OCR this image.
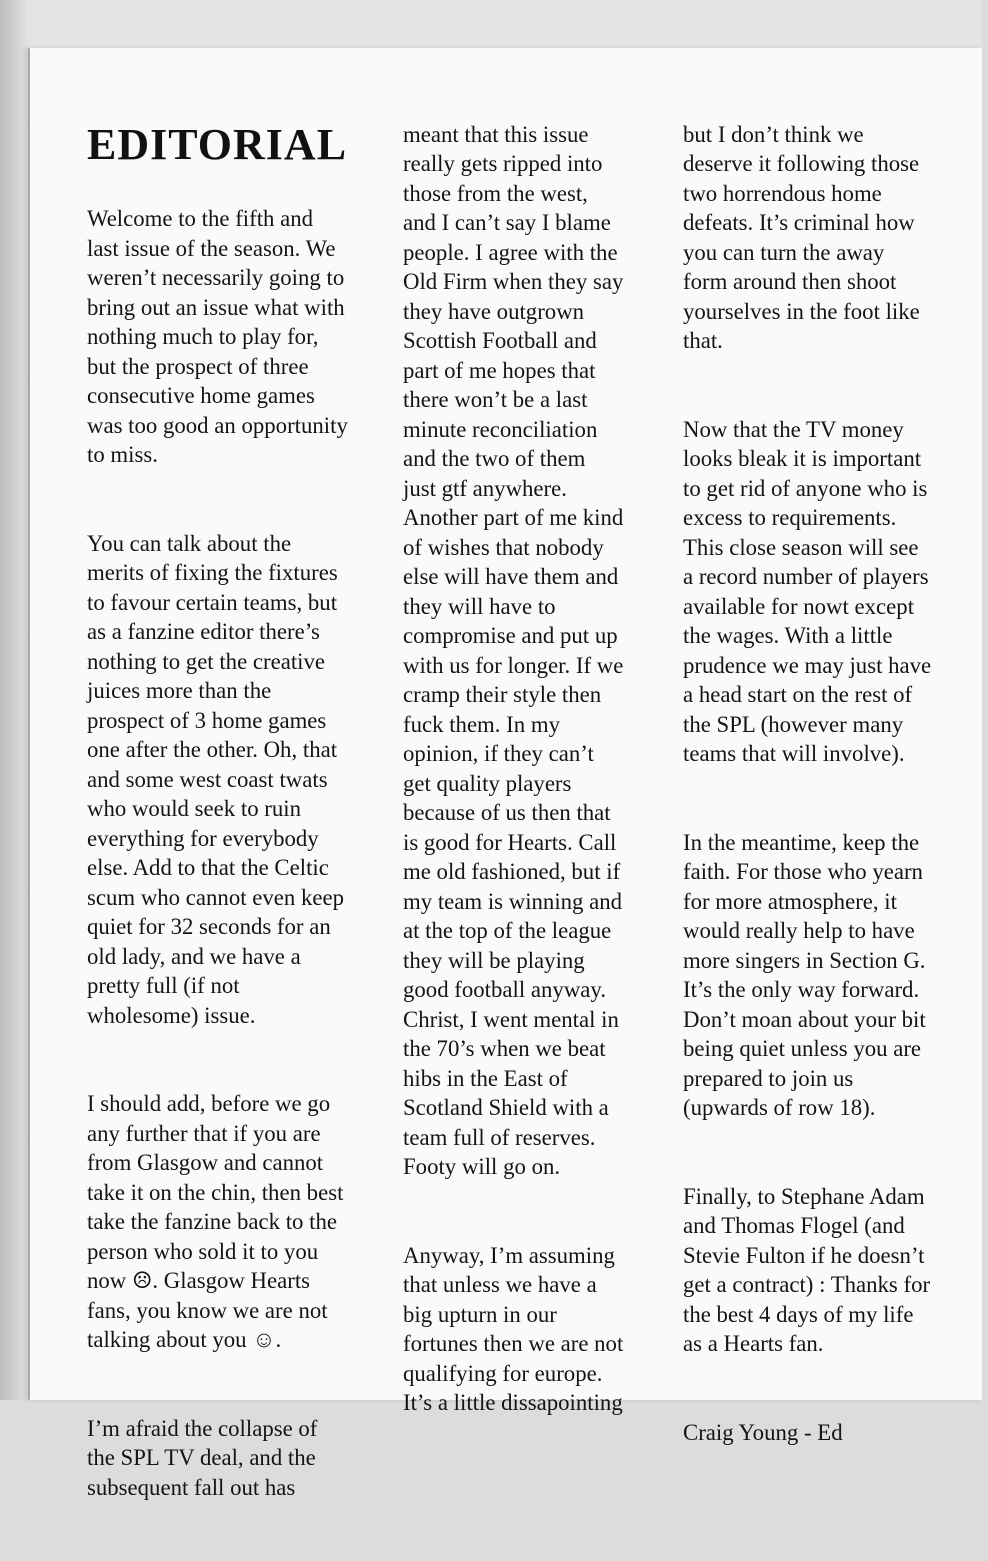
EDITORIAL

Welcome to the fifth and
last issue of the season. We
weren’t necessarily going to
bring out an issue what with
nothing much to play for,
but the prospect of three
consecutive home games
was too good an opportunity
to miss.

You can talk about the
merits of fixing the fixtures
to favour certain teams, but
as a fanzine editor there’s
nothing to get the creative
juices more than the
prospect of 3 home games
one after the other. Oh, that
and some west coast twats
who would seek to ruin
everything for everybody
else. Add to that the Celtic
scum who cannot even keep
quiet for 32 seconds for an
old lady, and we have a
pretty full (if not
wholesome) issue.

I should add, before we go
any further that if you are
from Glasgow and cannot
take it on the chin, then best
take the fanzine back to the
person who sold it to you
now ☹. Glasgow Hearts
fans, you know we are not
talking about you ☺.

I’m afraid the collapse of
the SPL TV deal, and the
subsequent fall out has

meant that this issue
really gets ripped into
those from the west,
and I can’t say I blame
people. I agree with the
Old Firm when they say
they have outgrown
Scottish Football and
part of me hopes that
there won’t be a last
minute reconciliation
and the two of them
just gtf anywhere.
Another part of me kind
of wishes that nobody
else will have them and
they will have to
compromise and put up
with us for longer. If we
cramp their style then
fuck them. In my
opinion, if they can’t
get quality players
because of us then that
is good for Hearts. Call
me old fashioned, but if
my team is winning and
at the top of the league
they will be playing
good football anyway.
Christ, I went mental in
the 70’s when we beat
hibs in the East of
Scotland Shield with a
team full of reserves.
Footy will go on.

Anyway, I’m assuming
that unless we have a
big upturn in our
fortunes then we are not
qualifying for europe.
It’s a little dissapointing

but I don’t think we
deserve it following those
two horrendous home
defeats. It’s criminal how
you can turn the away
form around then shoot
yourselves in the foot like
that.

Now that the TV money
looks bleak it is important
to get rid of anyone who is
excess to requirements.
This close season will see
a record number of players
available for nowt except
the wages. With a little
prudence we may just have
a head start on the rest of
the SPL (however many
teams that will involve).

In the meantime, keep the
faith. For those who yearn
for more atmosphere, it
would really help to have
more singers in Section G.
It’s the only way forward.
Don’t moan about your bit
being quiet unless you are
prepared to join us
(upwards of row 18).

Finally, to Stephane Adam
and Thomas Flogel (and
Stevie Fulton if he doesn’t
get a contract) : Thanks for
the best 4 days of my life
as a Hearts fan.

Craig Young - Ed
